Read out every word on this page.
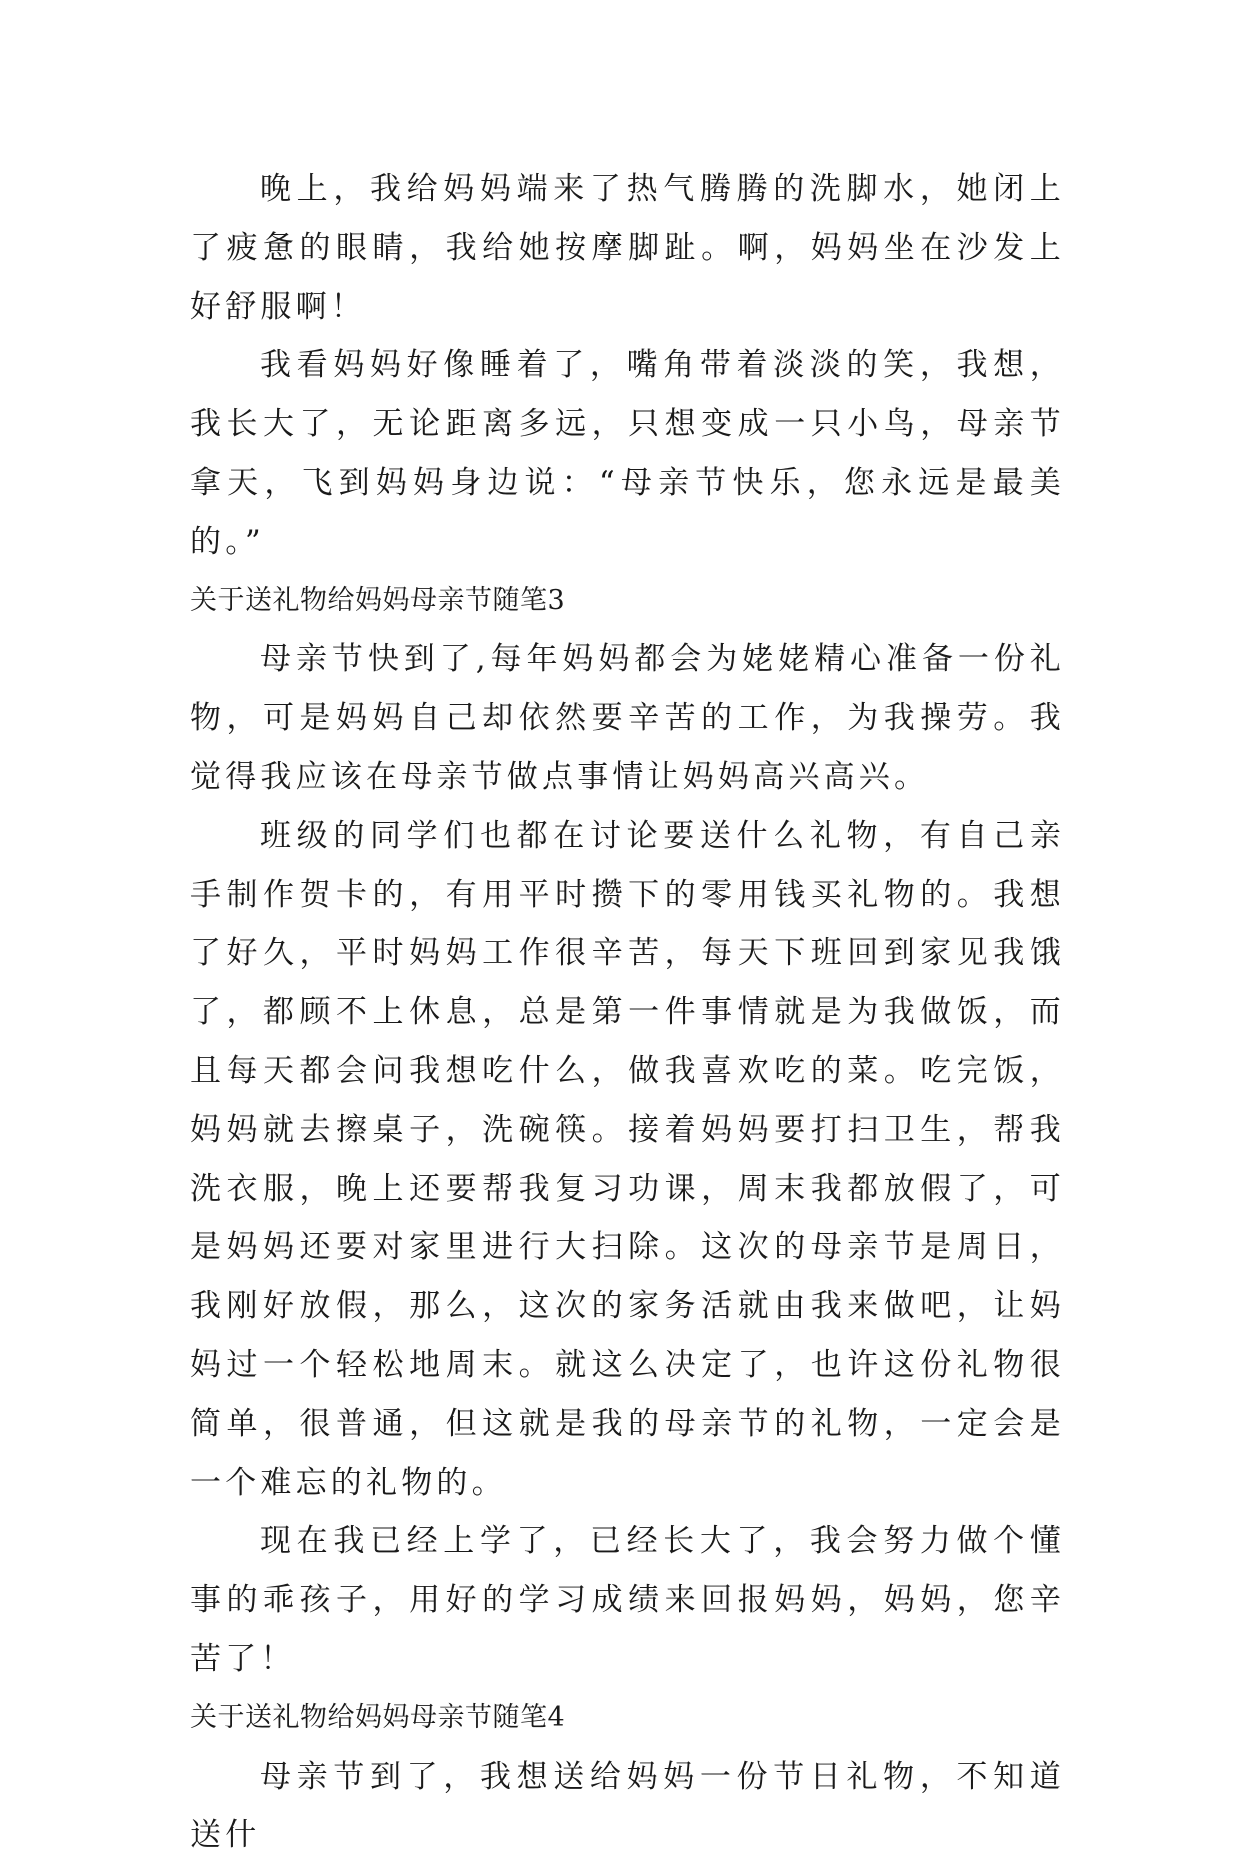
晚上，我给妈妈端来了热气腾腾的洗脚水，她闭上了疲惫的眼睛，我给她按摩脚趾。啊，妈妈坐在沙发上好舒服啊！

我看妈妈好像睡着了，嘴角带着淡淡的笑，我想，我长大了，无论距离多远，只想变成一只小鸟，母亲节拿天，飞到妈妈身边说：“母亲节快乐，您永远是最美的。”

关于送礼物给妈妈母亲节随笔3

母亲节快到了,每年妈妈都会为姥姥精心准备一份礼物，可是妈妈自己却依然要辛苦的工作，为我操劳。我觉得我应该在母亲节做点事情让妈妈高兴高兴。

班级的同学们也都在讨论要送什么礼物，有自己亲手制作贺卡的，有用平时攒下的零用钱买礼物的。我想了好久，平时妈妈工作很辛苦，每天下班回到家见我饿了，都顾不上休息，总是第一件事情就是为我做饭，而且每天都会问我想吃什么，做我喜欢吃的菜。吃完饭，妈妈就去擦桌子，洗碗筷。接着妈妈要打扫卫生，帮我洗衣服，晚上还要帮我复习功课，周末我都放假了，可是妈妈还要对家里进行大扫除。这次的母亲节是周日，我刚好放假，那么，这次的家务活就由我来做吧，让妈妈过一个轻松地周末。就这么决定了，也许这份礼物很简单，很普通，但这就是我的母亲节的礼物，一定会是一个难忘的礼物的。

现在我已经上学了，已经长大了，我会努力做个懂事的乖孩子，用好的学习成绩来回报妈妈，妈妈，您辛苦了！

关于送礼物给妈妈母亲节随笔4

母亲节到了，我想送给妈妈一份节日礼物，不知道送什
